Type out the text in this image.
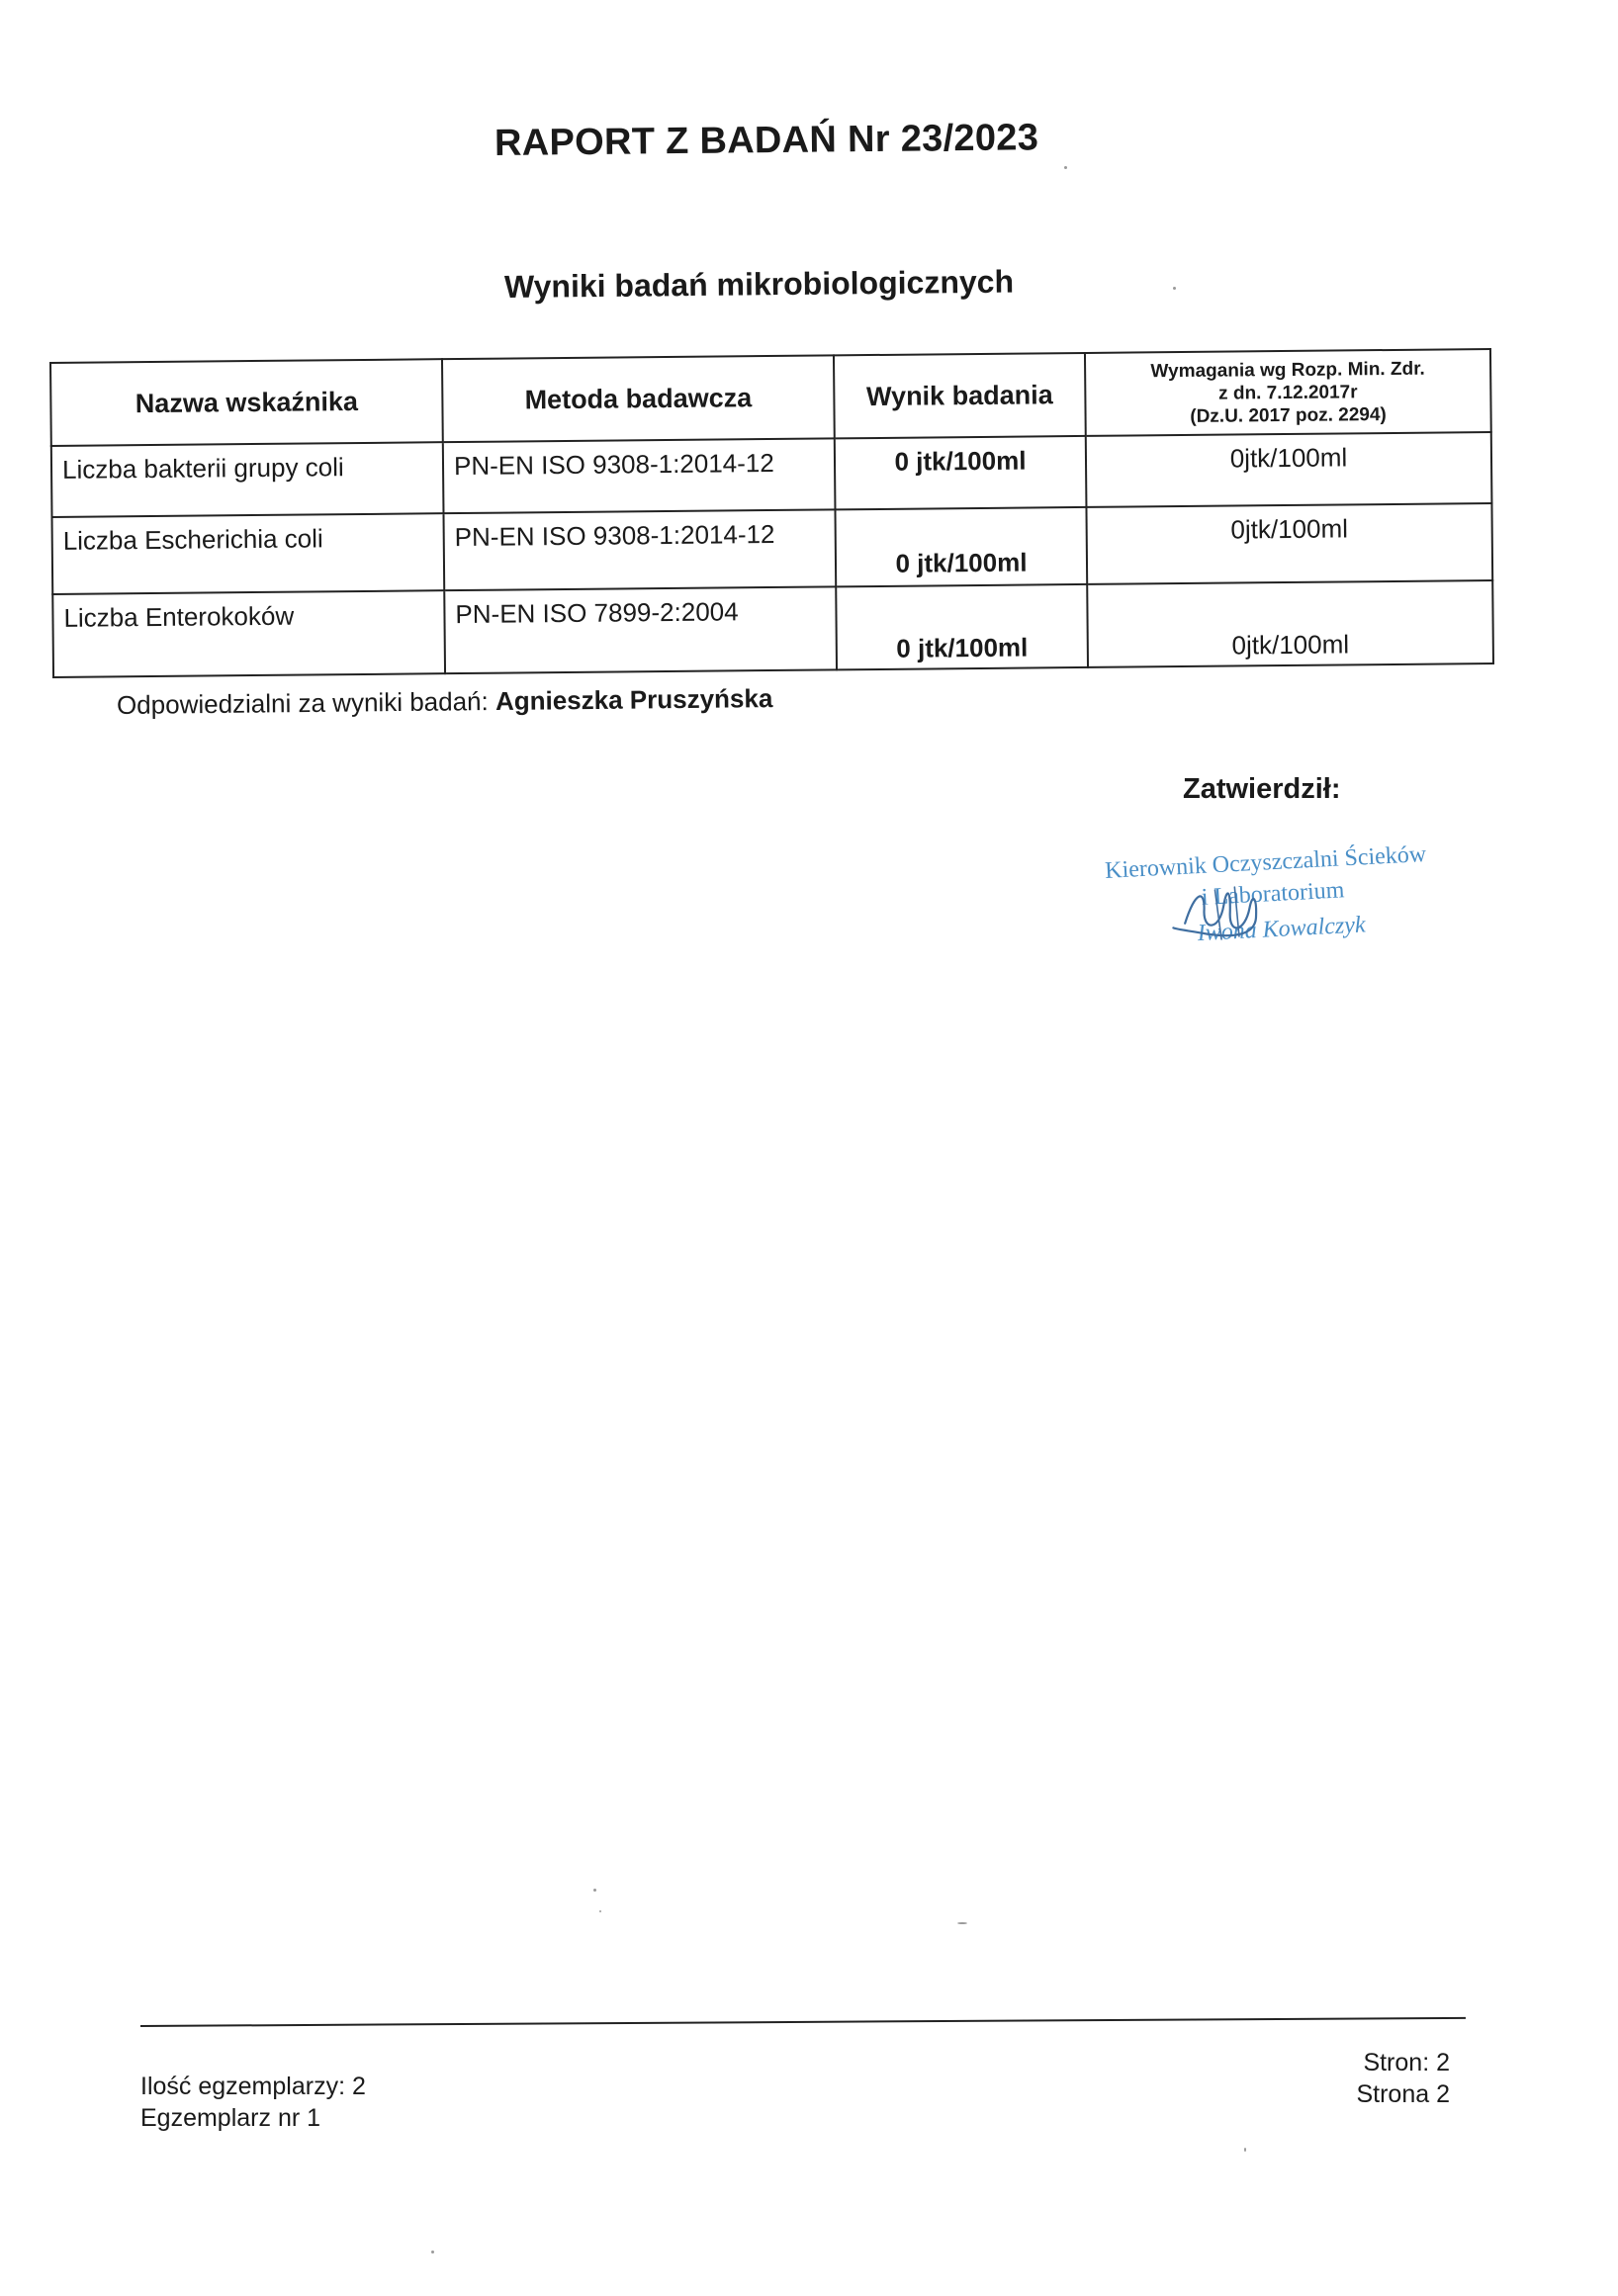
RAPORT Z BADAŃ Nr 23/2023
Wyniki badań mikrobiologicznych
Nazwa wskaźnika	Metoda badawcza	Wynik badania	Wymagania wg Rozp. Min. Zdr.
z dn. 7.12.2017r
(Dz.U. 2017 poz. 2294)

Liczba bakterii grupy coli	PN-EN ISO 9308-1:2014-12	0 jtk/100ml	0jtk/100ml
Liczba Escherichia coli	PN-EN ISO 9308-1:2014-12	0 jtk/100ml	0jtk/100ml
Liczba Enterokoków	PN-EN ISO 7899-2:2004	0 jtk/100ml	0jtk/100ml
Odpowiedzialni za wyniki badań: Agnieszka Pruszyńska
Zatwierdził:
Kierownik Oczyszczalni Ścieków
i Laboratorium
Iwona Kowalczyk
Ilość egzemplarzy: 2
Egzemplarz nr 1
Stron: 2
Strona 2
